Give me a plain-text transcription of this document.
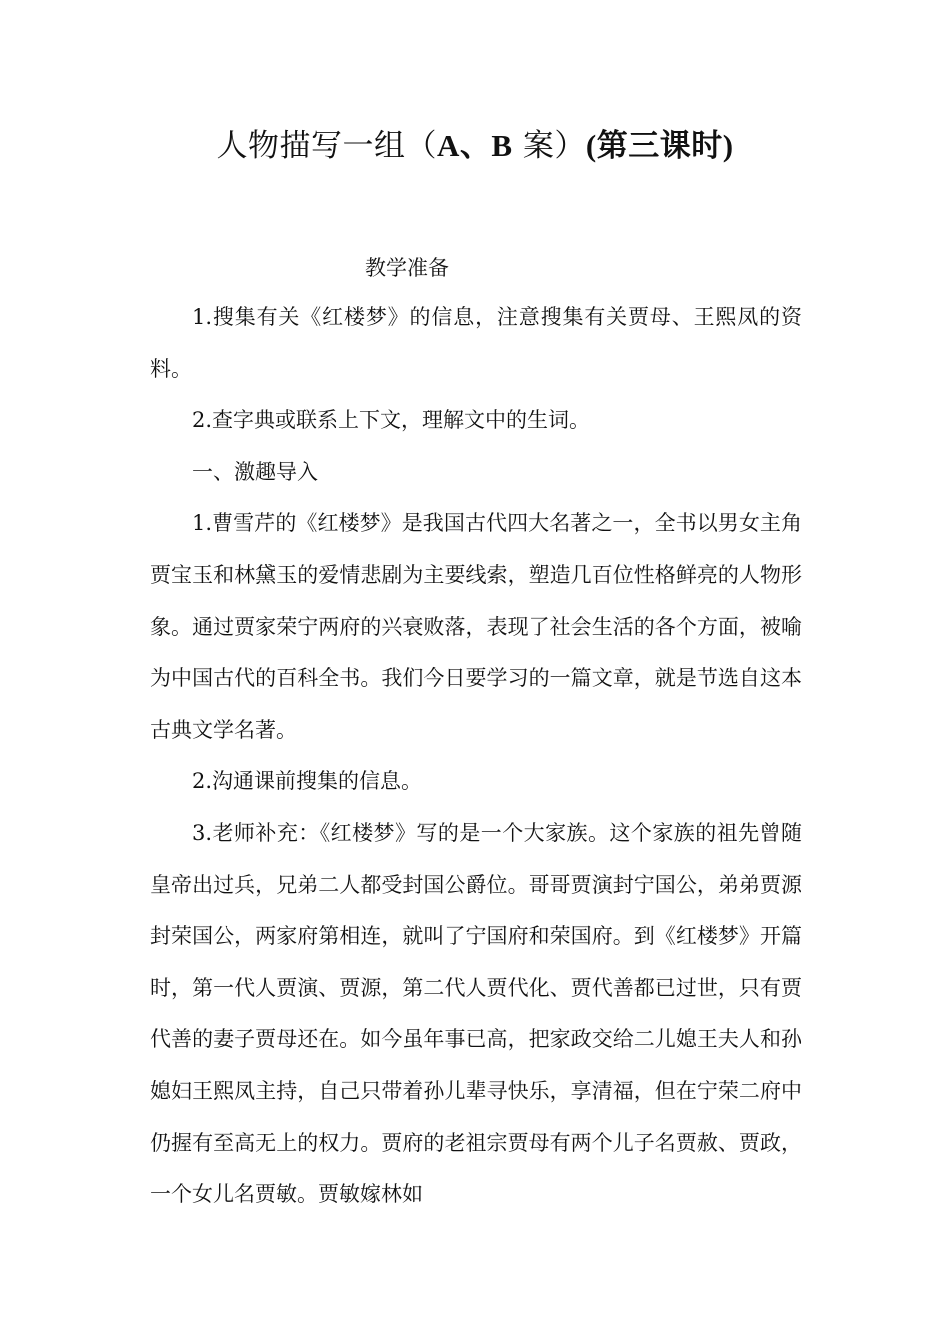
人物描写一组（A、B 案）(第三课时)
教学准备

1.搜集有关《红楼梦》的信息，注意搜集有关贾母、王熙凤的资料。

2.查字典或联系上下文，理解文中的生词。

一、激趣导入

1.曹雪芹的《红楼梦》是我国古代四大名著之一，全书以男女主角贾宝玉和林黛玉的爱情悲剧为主要线索，塑造几百位性格鲜亮的人物形象。通过贾家荣宁两府的兴衰败落，表现了社会生活的各个方面，被喻为中国古代的百科全书。我们今日要学习的一篇文章，就是节选自这本古典文学名著。

2.沟通课前搜集的信息。

3.老师补充：《红楼梦》写的是一个大家族。这个家族的祖先曾随皇帝出过兵，兄弟二人都受封国公爵位。哥哥贾演封宁国公，弟弟贾源封荣国公，两家府第相连，就叫了宁国府和荣国府。到《红楼梦》开篇时，第一代人贾演、贾源，第二代人贾代化、贾代善都已过世，只有贾代善的妻子贾母还在。如今虽年事已高，把家政交给二儿媳王夫人和孙媳妇王熙凤主持，自己只带着孙儿辈寻快乐，享清福，但在宁荣二府中仍握有至高无上的权力。贾府的老祖宗贾母有两个儿子名贾赦、贾政，一个女儿名贾敏。贾敏嫁林如
